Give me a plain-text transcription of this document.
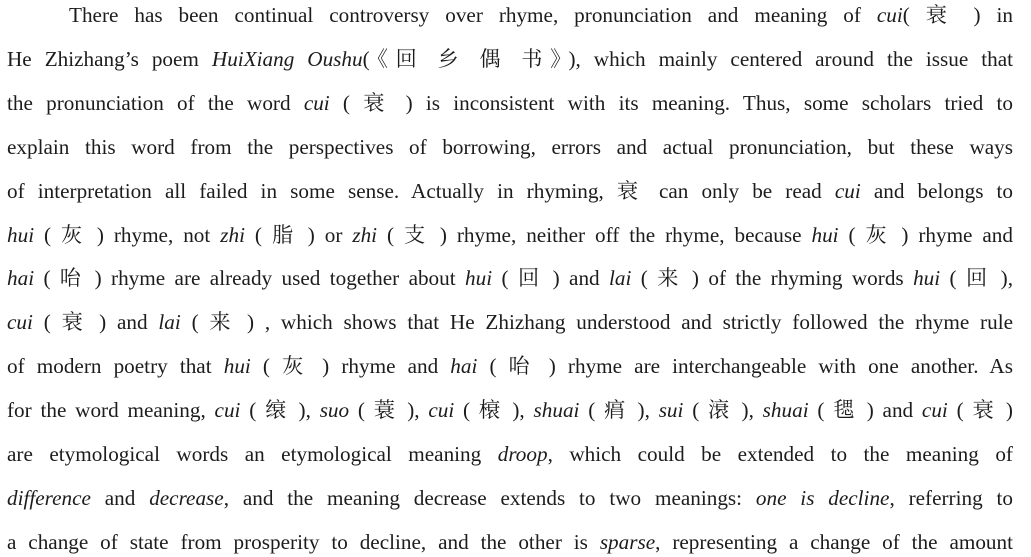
There has been continual controversy over rhyme, pronunciation and meaning of cui( 衰 ) in
He Zhizhang’s poem HuiXiang Oushu(《回 乡 偶 书》), which mainly centered around the issue that
the pronunciation of the word cui ( 衰 ) is inconsistent with its meaning. Thus, some scholars tried to
explain this word from the perspectives of borrowing, errors and actual pronunciation, but these ways
of interpretation all failed in some sense. Actually in rhyming, 衰 can only be read cui and belongs to
hui ( 灰 ) rhyme, not zhi ( 脂 ) or zhi ( 支 ) rhyme, neither off the rhyme, because hui ( 灰 ) rhyme and
hai ( 咍 ) rhyme are already used together about hui ( 回 ) and lai ( 来 ) of the rhyming words hui ( 回 ),
cui ( 衰 ) and lai ( 来 ) , which shows that He Zhizhang understood and strictly followed the rhyme rule
of modern poetry that hui ( 灰 ) rhyme and hai ( 咍 ) rhyme are interchangeable with one another. As
for the word meaning, cui ( 缞 ), suo ( 蓑 ), cui ( 榱 ), shuai ( 㾓 ), sui ( 滖 ), shuai ( 毸 ) and cui ( 衰 )
are etymological words an etymological meaning droop, which could be extended to the meaning of
difference and decrease, and the meaning decrease extends to two meanings: one is decline, referring to
a change of state from prosperity to decline, and the other is sparse, representing a change of the amount
